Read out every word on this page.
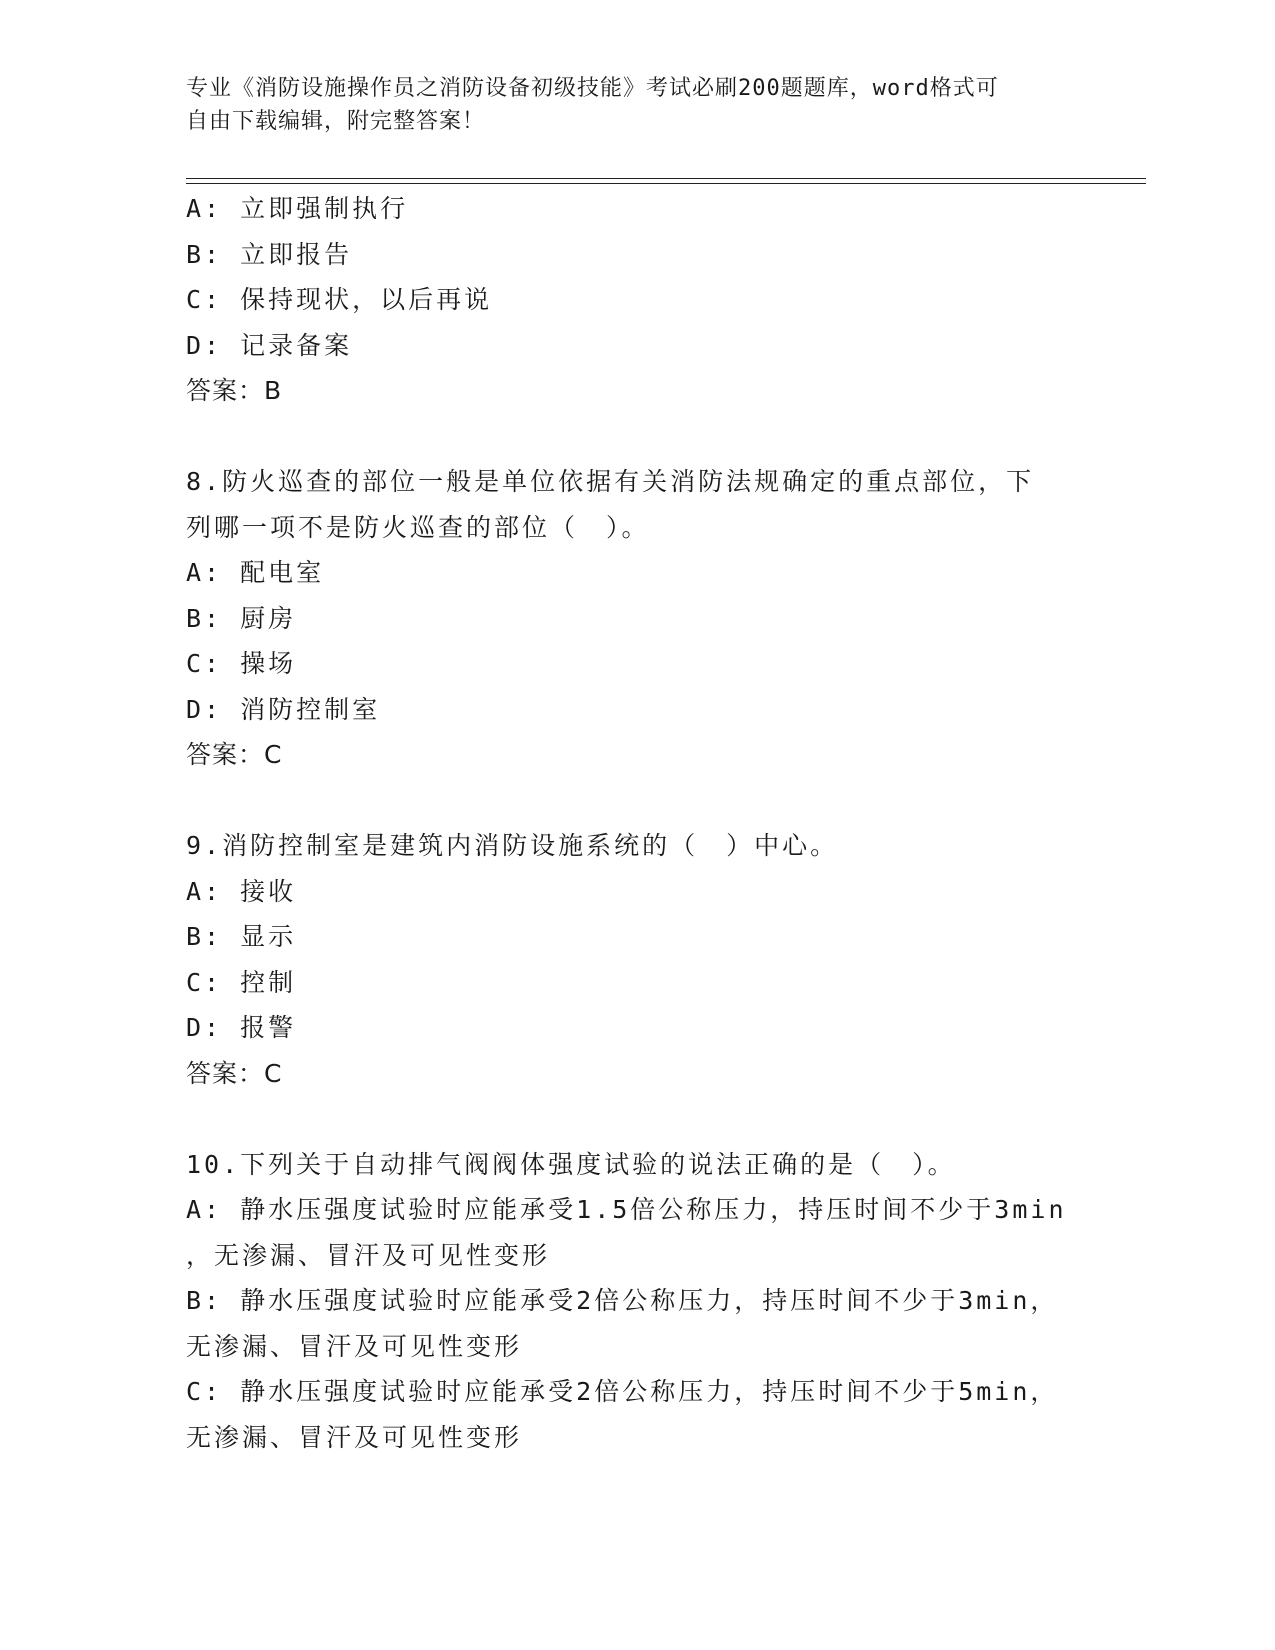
专业《消防设施操作员之消防设备初级技能》考试必刷200题题库，word格式可
自由下载编辑，附完整答案！
A: 立即强制执行
B: 立即报告
C: 保持现状，以后再说
D: 记录备案
答案：B
8.防火巡查的部位一般是单位依据有关消防法规确定的重点部位，下
列哪一项不是防火巡查的部位（　）。
A: 配电室
B: 厨房
C: 操场
D: 消防控制室
答案：C
9.消防控制室是建筑内消防设施系统的（　）中心。
A: 接收
B: 显示
C: 控制
D: 报警
答案：C
10.下列关于自动排气阀阀体强度试验的说法正确的是（　）。
A: 静水压强度试验时应能承受1.5倍公称压力，持压时间不少于3min
，无渗漏、冒汗及可见性变形
B: 静水压强度试验时应能承受2倍公称压力，持压时间不少于3min，
无渗漏、冒汗及可见性变形
C: 静水压强度试验时应能承受2倍公称压力，持压时间不少于5min，
无渗漏、冒汗及可见性变形
